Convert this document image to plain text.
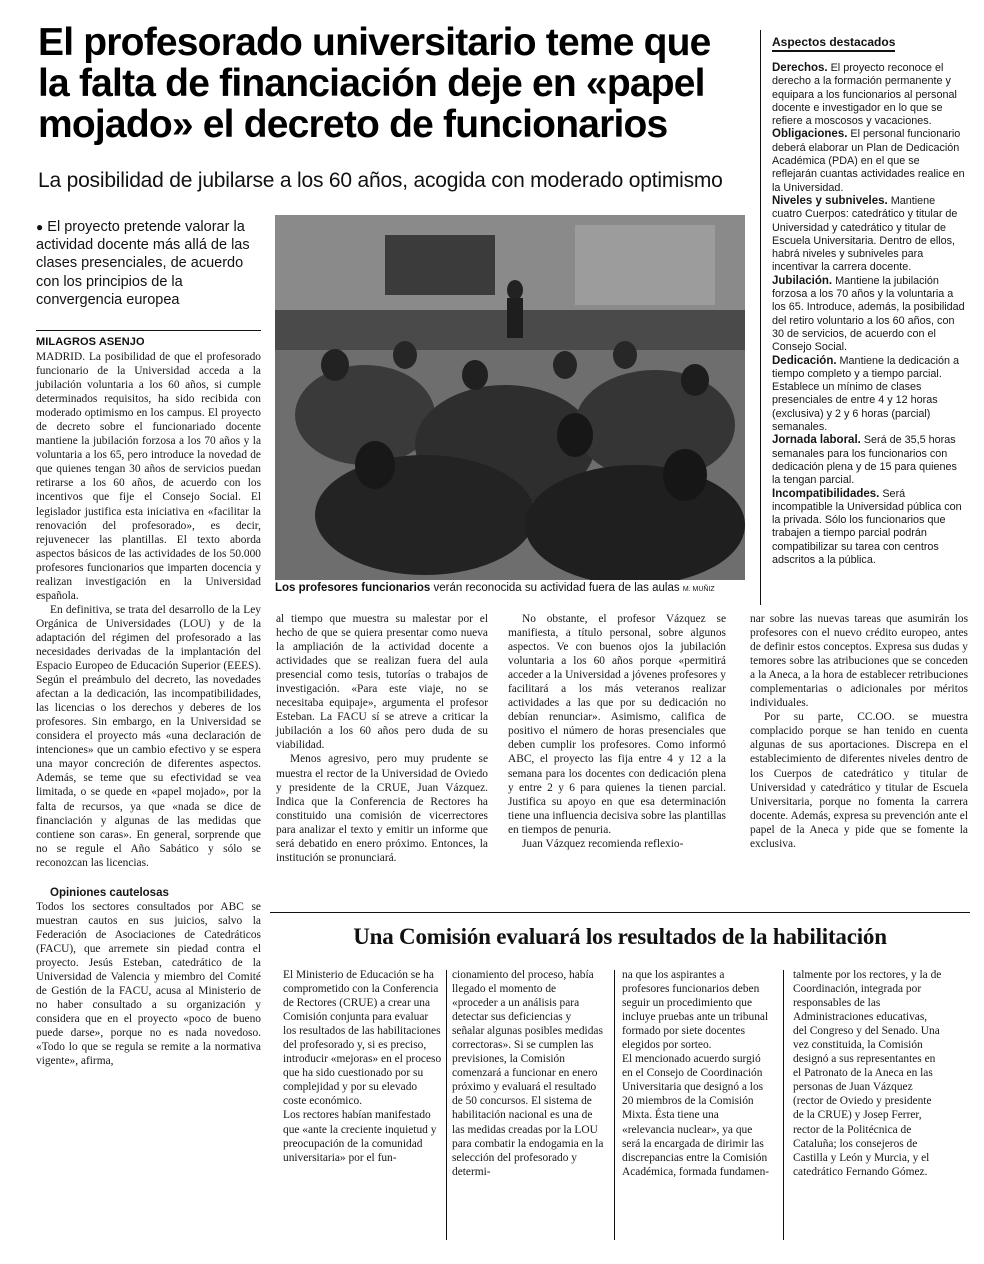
El profesorado universitario teme que la falta de financiación deje en «papel mojado» el decreto de funcionarios
La posibilidad de jubilarse a los 60 años, acogida con moderado optimismo
● El proyecto pretende valorar la actividad docente más allá de las clases presenciales, de acuerdo con los principios de la convergencia europea
MILAGROS ASENJO

MADRID. La posibilidad de que el profesorado funcionario de la Universidad acceda a la jubilación voluntaria a los 60 años, si cumple determinados requisitos, ha sido recibida con moderado optimismo en los campus. El proyecto de decreto sobre el funcionariado docente mantiene la jubilación forzosa a los 70 años y la voluntaria a los 65, pero introduce la novedad de que quienes tengan 30 años de servicios puedan retirarse a los 60 años, de acuerdo con los incentivos que fije el Consejo Social. El legislador justifica esta iniciativa en «facilitar la renovación del profesorado», es decir, rejuvenecer las plantillas. El texto aborda aspectos básicos de las actividades de los 50.000 profesores funcionarios que imparten docencia y realizan investigación en la Universidad española.

En definitiva, se trata del desarrollo de la Ley Orgánica de Universidades (LOU) y de la adaptación del régimen del profesorado a las necesidades derivadas de la implantación del Espacio Europeo de Educación Superior (EEES). Según el preámbulo del decreto, las novedades afectan a la dedicación, las incompatibilidades, las licencias o los derechos y deberes de los profesores. Sin embargo, en la Universidad se considera el proyecto más «una declaración de intenciones» que un cambio efectivo y se espera una mayor concreción de diferentes aspectos. Además, se teme que su efectividad se vea limitada, o se quede en «papel mojado», por la falta de recursos, ya que «nada se dice de financiación y algunas de las medidas que contiene son caras». En general, sorprende que no se regule el Año Sabático y sólo se reconozcan las licencias.

Opiniones cautelosas

Todos los sectores consultados por ABC se muestran cautos en sus juicios, salvo la Federación de Asociaciones de Catedráticos (FACU), que arremete sin piedad contra el proyecto. Jesús Esteban, catedrático de la Universidad de Valencia y miembro del Comité de Gestión de la FACU, acusa al Ministerio de no haber consultado a su organización y considera que en el proyecto «poco de bueno puede darse», porque no es nada novedoso. «Todo lo que se regula se remite a la normativa vigente», afirma,

Los profesores funcionarios verán reconocida su actividad fuera de las aulas M. MUÑIZ

al tiempo que muestra su malestar por el hecho de que se quiera presentar como nueva la ampliación de la actividad docente a actividades que se realizan fuera del aula presencial como tesis, tutorías o trabajos de investigación. «Para este viaje, no se necesitaba equipaje», argumenta el profesor Esteban. La FACU sí se atreve a criticar la jubilación a los 60 años pero duda de su viabilidad.

Menos agresivo, pero muy prudente se muestra el rector de la Universidad de Oviedo y presidente de la CRUE, Juan Vázquez. Indica que la Conferencia de Rectores ha constituido una comisión de vicerrectores para analizar el texto y emitir un informe que será debatido en enero próximo. Entonces, la institución se pronunciará.

No obstante, el profesor Vázquez se manifiesta, a título personal, sobre algunos aspectos. Ve con buenos ojos la jubilación voluntaria a los 60 años porque «permitirá acceder a la Universidad a jóvenes profesores y facilitará a los más veteranos realizar actividades a las que por su dedicación no debían renunciar». Asimismo, califica de positivo el número de horas presenciales que deben cumplir los profesores. Como informó ABC, el proyecto las fija entre 4 y 12 a la semana para los docentes con dedicación plena y entre 2 y 6 para quienes la tienen parcial. Justifica su apoyo en que esa determinación tiene una influencia decisiva sobre las plantillas en tiempos de penuria.

Juan Vázquez recomienda reflexio-

nar sobre las nuevas tareas que asumirán los profesores con el nuevo crédito europeo, antes de definir estos conceptos. Expresa sus dudas y temores sobre las atribuciones que se conceden a la Aneca, a la hora de establecer retribuciones complementarias o adicionales por méritos individuales.

Por su parte, CC.OO. se muestra complacido porque se han tenido en cuenta algunas de sus aportaciones. Discrepa en el establecimiento de diferentes niveles dentro de los Cuerpos de catedrático y titular de Universidad y catedrático y titular de Escuela Universitaria, porque no fomenta la carrera docente. Además, expresa su prevención ante el papel de la Aneca y pide que se fomente la exclusiva.

Aspectos destacados

Derechos. El proyecto reconoce el derecho a la formación permanente y equipara a los funcionarios al personal docente e investigador en lo que se refiere a moscosos y vacaciones.

Obligaciones. El personal funcionario deberá elaborar un Plan de Dedicación Académica (PDA) en el que se reflejarán cuantas actividades realice en la Universidad.

Niveles y subniveles. Mantiene cuatro Cuerpos: catedrático y titular de Universidad y catedrático y titular de Escuela Universitaria. Dentro de ellos, habrá niveles y subniveles para incentivar la carrera docente.

Jubilación. Mantiene la jubilación forzosa a los 70 años y la voluntaria a los 65. Introduce, además, la posibilidad del retiro voluntario a los 60 años, con 30 de servicios, de acuerdo con el Consejo Social.

Dedicación. Mantiene la dedicación a tiempo completo y a tiempo parcial. Establece un mínimo de clases presenciales de entre 4 y 12 horas (exclusiva) y 2 y 6 horas (parcial) semanales.

Jornada laboral. Será de 35,5 horas semanales para los funcionarios con dedicación plena y de 15 para quienes la tengan parcial.

Incompatibilidades. Será incompatible la Universidad pública con la privada. Sólo los funcionarios que trabajen a tiempo parcial podrán compatibilizar su tarea con centros adscritos a la pública.

Una Comisión evaluará los resultados de la habilitación

El Ministerio de Educación se ha comprometido con la Conferencia de Rectores (CRUE) a crear una Comisión conjunta para evaluar los resultados de las habilitaciones del profesorado y, si es preciso, introducir «mejoras» en el proceso que ha sido cuestionado por su complejidad y por su elevado coste económico.

Los rectores habían manifestado que «ante la creciente inquietud y preocupación de la comunidad universitaria» por el fun-

cionamiento del proceso, había llegado el momento de «proceder a un análisis para detectar sus deficiencias y señalar algunas posibles medidas correctoras». Si se cumplen las previsiones, la Comisión comenzará a funcionar en enero próximo y evaluará el resultado de 50 concursos. El sistema de habilitación nacional es una de las medidas creadas por la LOU para combatir la endogamia en la selección del profesorado y determi-

na que los aspirantes a profesores funcionarios deben seguir un procedimiento que incluye pruebas ante un tribunal formado por siete docentes elegidos por sorteo.

El mencionado acuerdo surgió en el Consejo de Coordinación Universitaria que designó a los 20 miembros de la Comisión Mixta. Ésta tiene una «relevancia nuclear», ya que será la encargada de dirimir las discrepancias entre la Comisión Académica, formada fundamen-

talmente por los rectores, y la de Coordinación, integrada por responsables de las Administraciones educativas, del Congreso y del Senado. Una vez constituida, la Comisión designó a sus representantes en el Patronato de la Aneca en las personas de Juan Vázquez (rector de Oviedo y presidente de la CRUE) y Josep Ferrer, rector de la Politécnica de Cataluña; los consejeros de Castilla y León y Murcia, y el catedrático Fernando Gómez.
